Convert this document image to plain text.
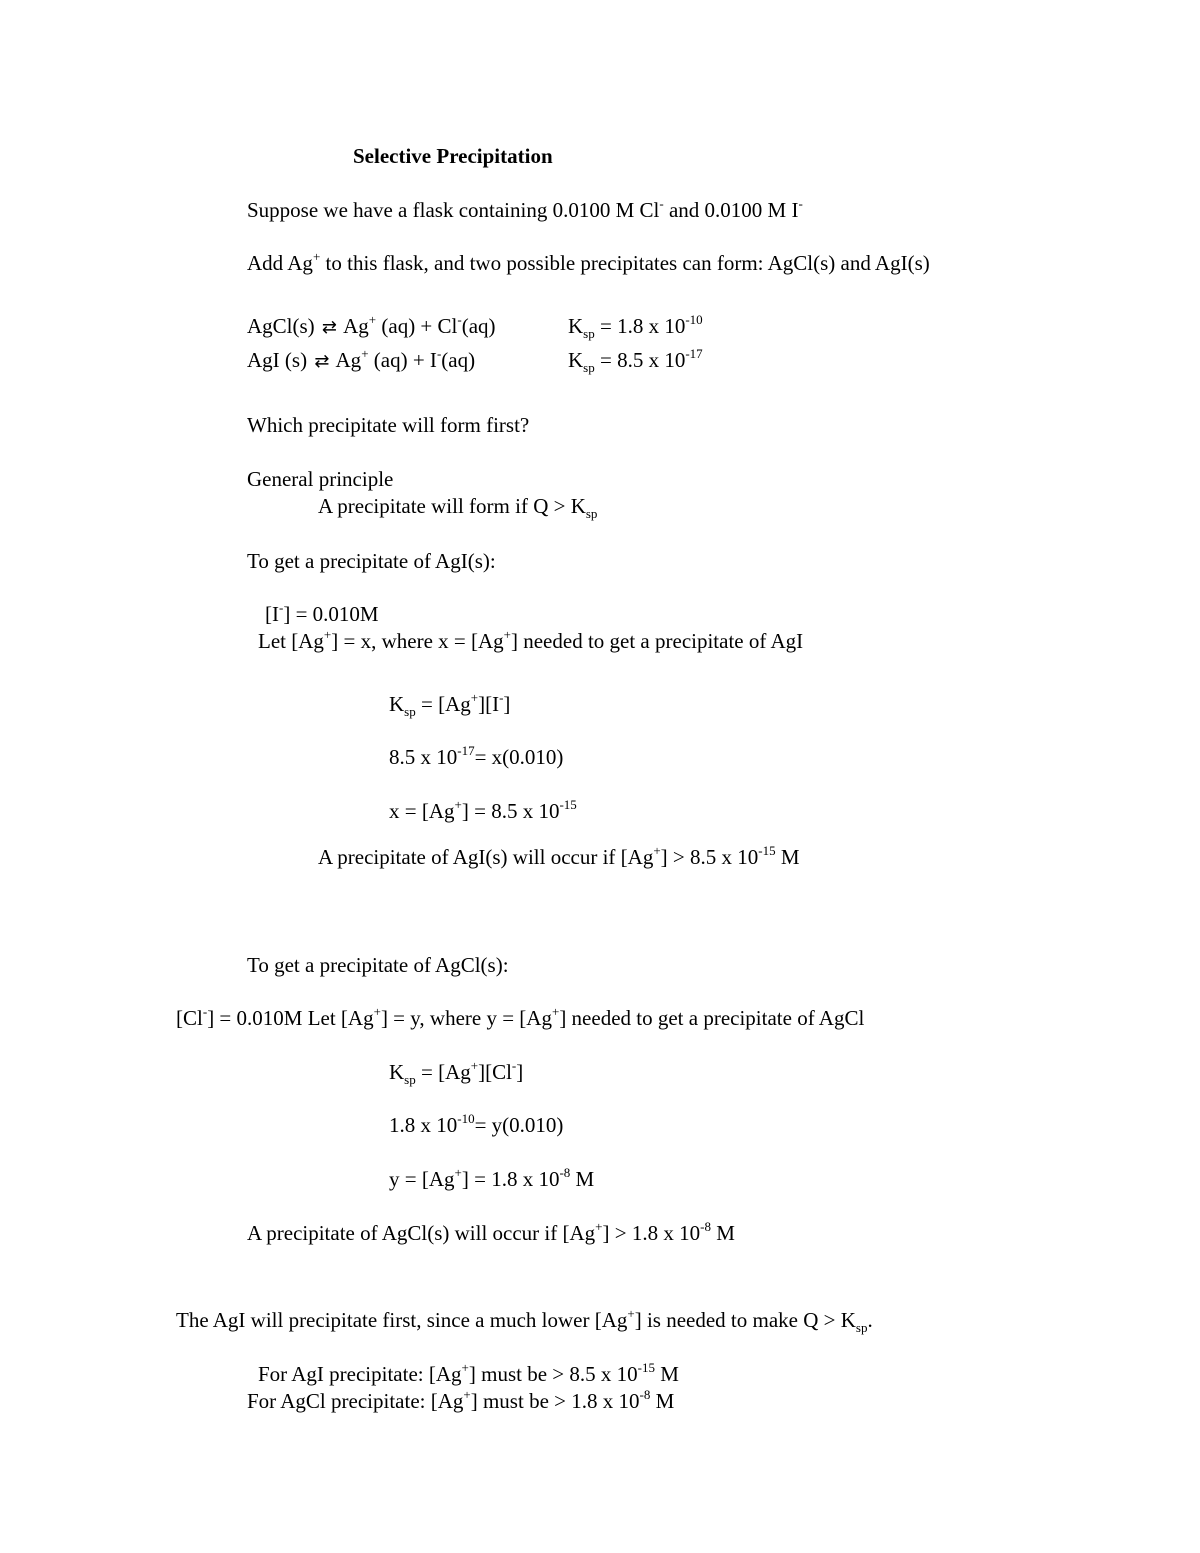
Selective Precipitation
Suppose we have a flask containing 0.0100 M Cl- and 0.0100 M I-
Add Ag+ to this flask, and two possible precipitates can form: AgCl(s) and AgI(s)
AgCl(s) ⇄ Ag+ (aq) + Cl-(aq)	$K_{sp} = 1.8$ x $10^{-10}$
AgI (s) ⇄ Ag+ (aq) + I-(aq)	$K_{sp} = 8.5$ x $10^{-17}$
Which precipitate will form first?
General principle
A precipitate will form if $Q > K_{sp}$
To get a precipitate of AgI(s):
[I-] = 0.010M
Let [Ag+] = x, where x = [Ag+] needed to get a precipitate of AgI
$K_{sp} = [Ag^+][I^-]$
8.5 x $10^{-17}= x(0.010)$
x = [Ag+] = 8.5 x $10^{-15}$
A precipitate of AgI(s) will occur if [Ag+] > 8.5 x $10^{-15}$ M
To get a precipitate of AgCl(s):
[Cl-] = 0.010M Let [Ag+] = y, where y = [Ag+] needed to get a precipitate of AgCl
$K_{sp} = [Ag^+][Cl^-]$
1.8 x $10^{-10}= y(0.010)$
y = [Ag+] = 1.8 x $10^{-8}$ M
A precipitate of AgCl(s) will occur if [Ag+] > 1.8 x $10^{-8}$ M
The AgI will precipitate first, since a much lower [Ag+] is needed to make $Q > K_{sp}$.
For AgI precipitate: [Ag+] must be > 8.5 x $10^{-15}$ M
For AgCl precipitate: [Ag+] must be > 1.8 x $10^{-8}$ M
